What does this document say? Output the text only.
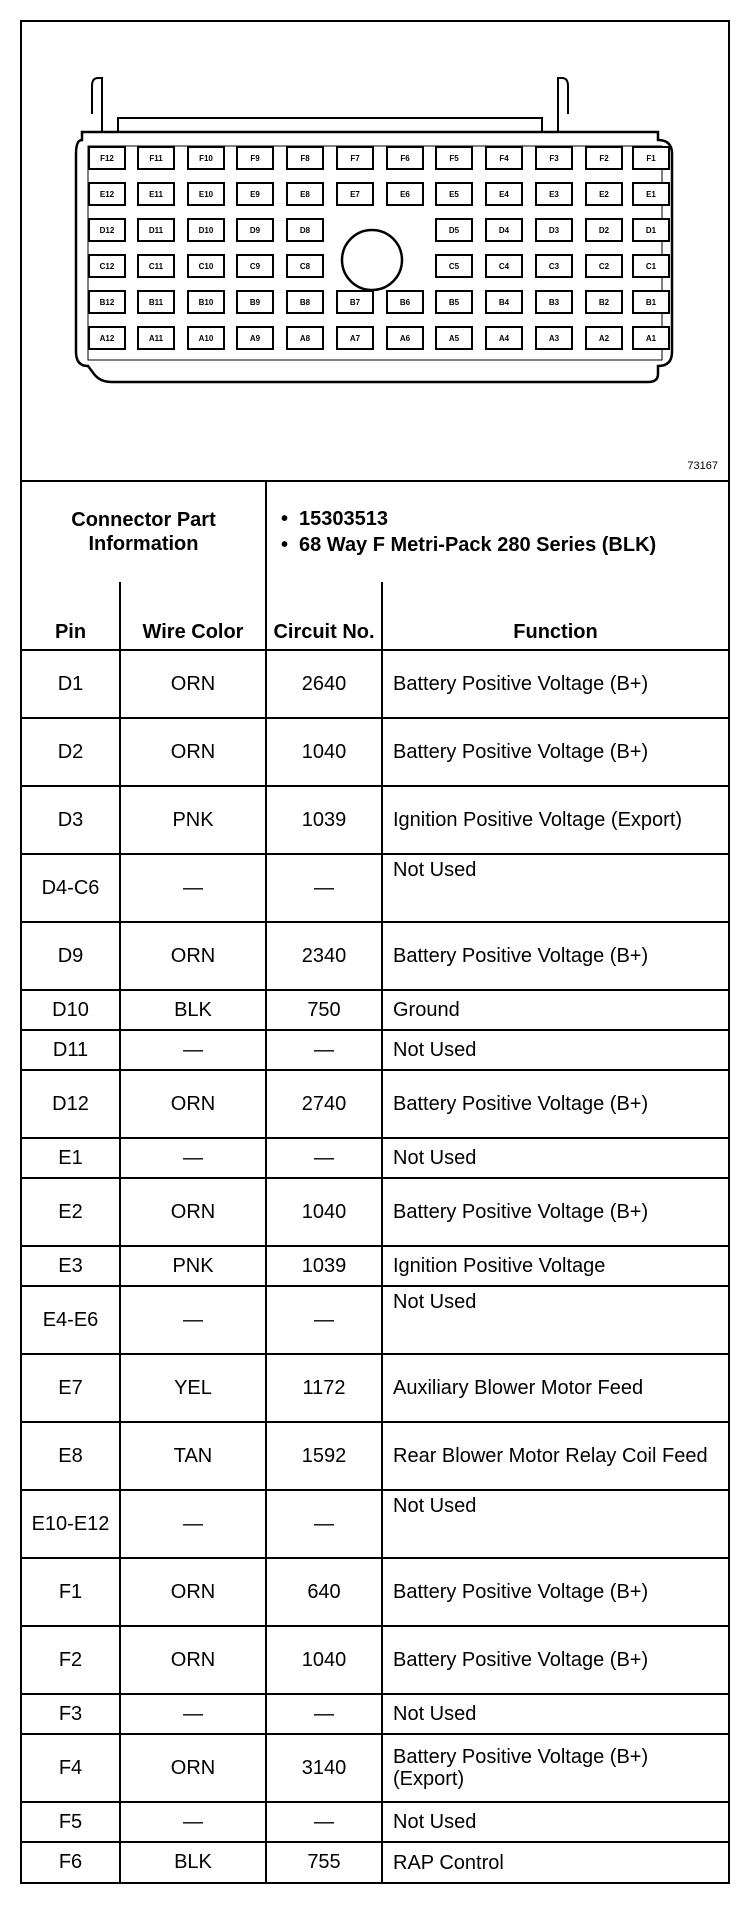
F12	F11	F10	F9	F8	F7	F6	F5	F4	F3	F2	F1
E12	E11	E10	E9	E8	E7	E6	E5	E4	E3	E2	E1
D12	D11	D10	D9	D8	D5	D4	D3	D2	D1
C12	C11	C10	C9	C8	C5	C4	C3	C2	C1
B12	B11	B10	B9	B8	B7	B6	B5	B4	B3	B2	B1
A12	A11	A10	A9	A8	A7	A6	A5	A4	A3	A2	A1
73167
Connector Part Information	
• 15303513
• 68 Way F Metri-Pack 280 Series (BLK)
Pin	Wire Color	Circuit No.	Function
D1	ORN	2640	Battery Positive Voltage (B+)
D2	ORN	1040	Battery Positive Voltage (B+)
D3	PNK	1039	Ignition Positive Voltage (Export)
D4-C6	—	—	Not Used
D9	ORN	2340	Battery Positive Voltage (B+)
D10	BLK	750	Ground
D11	—	—	Not Used
D12	ORN	2740	Battery Positive Voltage (B+)
E1	—	—	Not Used
E2	ORN	1040	Battery Positive Voltage (B+)
E3	PNK	1039	Ignition Positive Voltage
E4-E6	—	—	Not Used
E7	YEL	1172	Auxiliary Blower Motor Feed
E8	TAN	1592	Rear Blower Motor Relay Coil Feed
E10-E12	—	—	Not Used
F1	ORN	640	Battery Positive Voltage (B+)
F2	ORN	1040	Battery Positive Voltage (B+)
F3	—	—	Not Used
F4	ORN	3140	Battery Positive Voltage (B+) (Export)
F5	—	—	Not Used
F6	BLK	755	RAP Control
